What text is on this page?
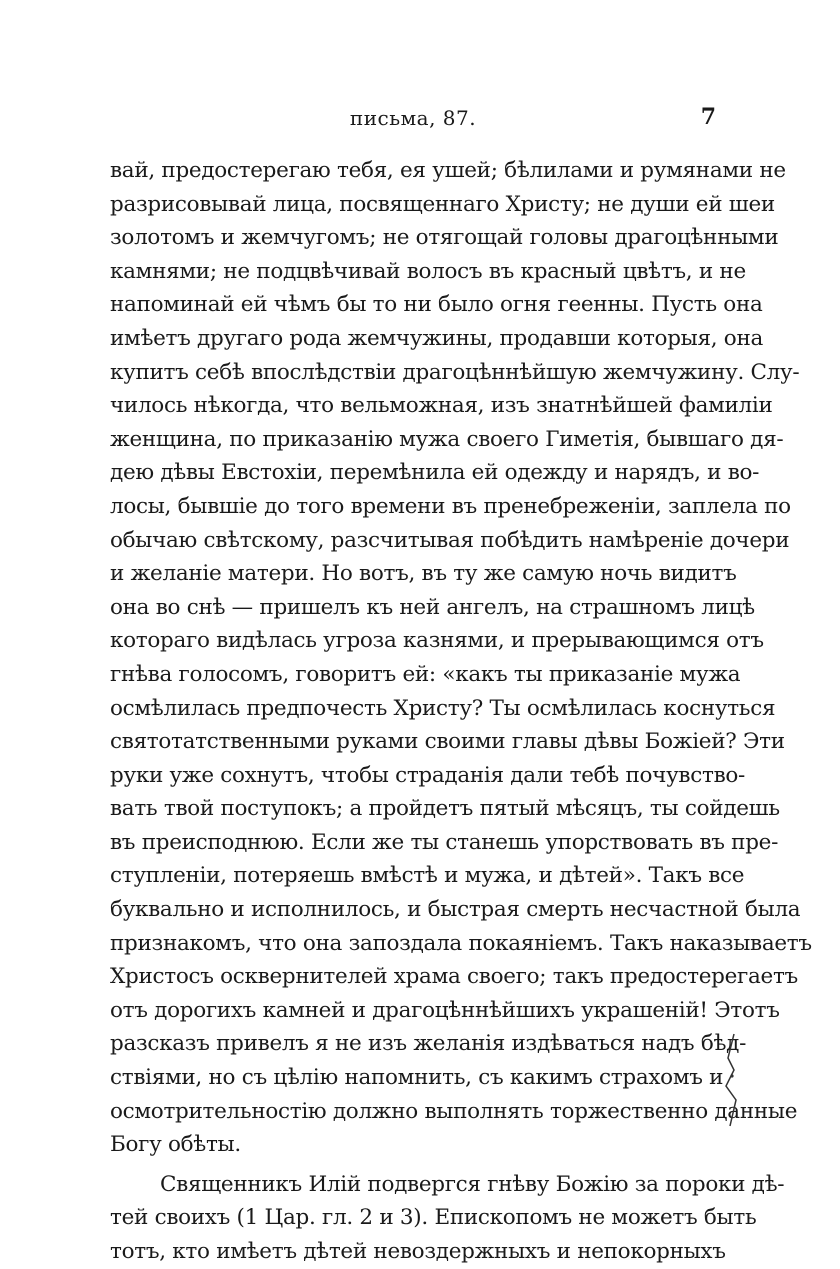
письма, 87.	7
вай, предостерегаю тебя, ея ушей; бѣлилами и румянами не
разрисовывай лица, посвященнаго Христу; не души ей шеи
золотомъ и жемчугомъ; не отягощай головы драгоцѣнными
камнями; не подцвѣчивай волосъ въ красный цвѣтъ, и не
напоминай ей чѣмъ бы то ни было огня геенны. Пусть она
имѣетъ другаго рода жемчужины, продавши которыя, она
купитъ себѣ впослѣдствіи драгоцѣннѣйшую жемчужину. Слу-
чилось нѣкогда, что вельможная, изъ знатнѣйшей фамиліи
женщина, по приказанію мужа своего Гиметія, бывшаго дя-
дею дѣвы Евстохіи, перемѣнила ей одежду и нарядъ, и во-
лосы, бывшіе до того времени въ пренебреженіи, заплела по
обычаю свѣтскому, разсчитывая побѣдить намѣреніе дочери
и желаніе матери. Но вотъ, въ ту же самую ночь видитъ
она во снѣ — пришелъ къ ней ангелъ, на страшномъ лицѣ
котораго видѣлась угроза казнями, и прерывающимся отъ
гнѣва голосомъ, говоритъ ей: «какъ ты приказаніе мужа
осмѣлилась предпочесть Христу? Ты осмѣлилась коснуться
святотатственными руками своими главы дѣвы Божіей? Эти
руки уже сохнутъ, чтобы страданія дали тебѣ почувство-
вать твой поступокъ; а пройдетъ пятый мѣсяцъ, ты сойдешь
въ преисподнюю. Если же ты станешь упорствовать въ пре-
ступленіи, потеряешь вмѣстѣ и мужа, и дѣтей». Такъ все
буквально и исполнилось, и быстрая смерть несчастной была
признакомъ, что она запоздала покаяніемъ. Такъ наказываетъ
Христосъ осквернителей храма своего; такъ предостерегаетъ
отъ дорогихъ камней и драгоцѣннѣйшихъ украшеній! Этотъ
разсказъ привелъ я не изъ желанія издѣваться надъ бѣд-
ствіями, но съ цѣлію напомнить, съ какимъ страхомъ и
осмотрительностію должно выполнять торжественно данные
Богу обѣты.
Священникъ Илій подвергся гнѣву Божію за пороки дѣ-
тей своихъ (1 Цар. гл. 2 и 3). Епископомъ не можетъ быть
тотъ, кто имѣетъ дѣтей невоздержныхъ и непокорныхъ
